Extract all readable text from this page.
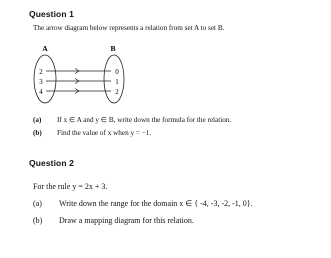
Question 1
The arrow diagram below represents a relation from set A to set B.
A	B
2
3
4
0
1
2
(a) If x ∈ A and y ∈ B, write down the formula for the relation.
(b) Find the value of x when y = −1.
Question 2
For the rule y = 2x + 3.
(a) Write down the range for the domain x ∈ { -4, -3, -2, -1, 0}.
(b) Draw a mapping diagram for this relation.
